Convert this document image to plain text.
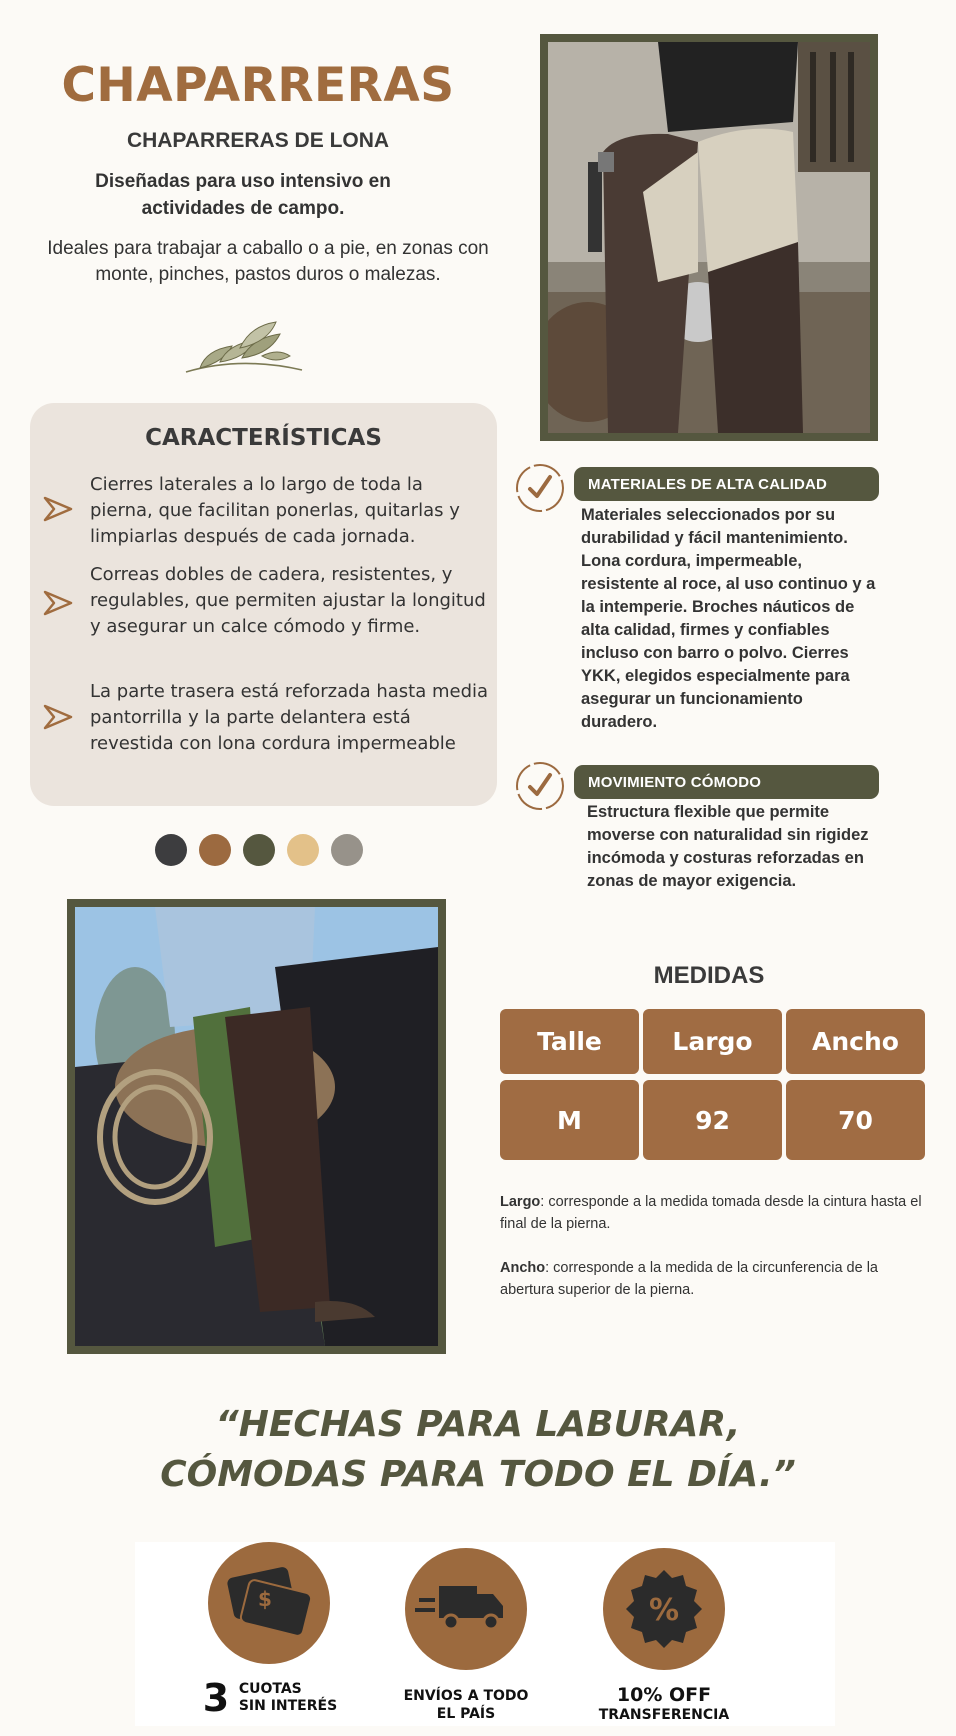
CHAPARRERAS
CHAPARRERAS DE LONA
Diseñadas para uso intensivo en actividades de campo.
Ideales para trabajar a caballo o a pie, en zonas con monte, pinches, pastos duros o malezas.
CARACTERÍSTICAS
Cierres laterales a lo largo de toda la pierna, que facilitan ponerlas, quitarlas y limpiarlas después de cada jornada.
Correas dobles de cadera, resistentes, y regulables, que permiten ajustar la longitud y asegurar un calce cómodo y firme.
La parte trasera está reforzada hasta media pantorrilla y la parte delantera está revestida con lona cordura impermeable
MATERIALES DE ALTA CALIDAD
Materiales seleccionados por su durabilidad y fácil mantenimiento. Lona cordura, impermeable, resistente al roce, al uso continuo y a la intemperie. Broches náuticos de alta calidad, firmes y confiables incluso con barro o polvo. Cierres YKK, elegidos especialmente para asegurar un funcionamiento duradero.
MOVIMIENTO CÓMODO
Estructura flexible que permite moverse con naturalidad sin rigidez incómoda y costuras reforzadas en zonas de mayor exigencia.
MEDIDAS
Talle	Largo	Ancho
M	92	70
Largo: corresponde a la medida tomada desde la cintura hasta el final de la pierna.
Ancho: corresponde a la medida de la circunferencia de la abertura superior de la pierna.
“HECHAS PARA LABURAR,
CÓMODAS PARA TODO EL DÍA.”
$
3 CUOTAS
SIN INTERÉS
ENVÍOS A TODO
EL PAÍS
%
10% OFF
TRANSFERENCIA
